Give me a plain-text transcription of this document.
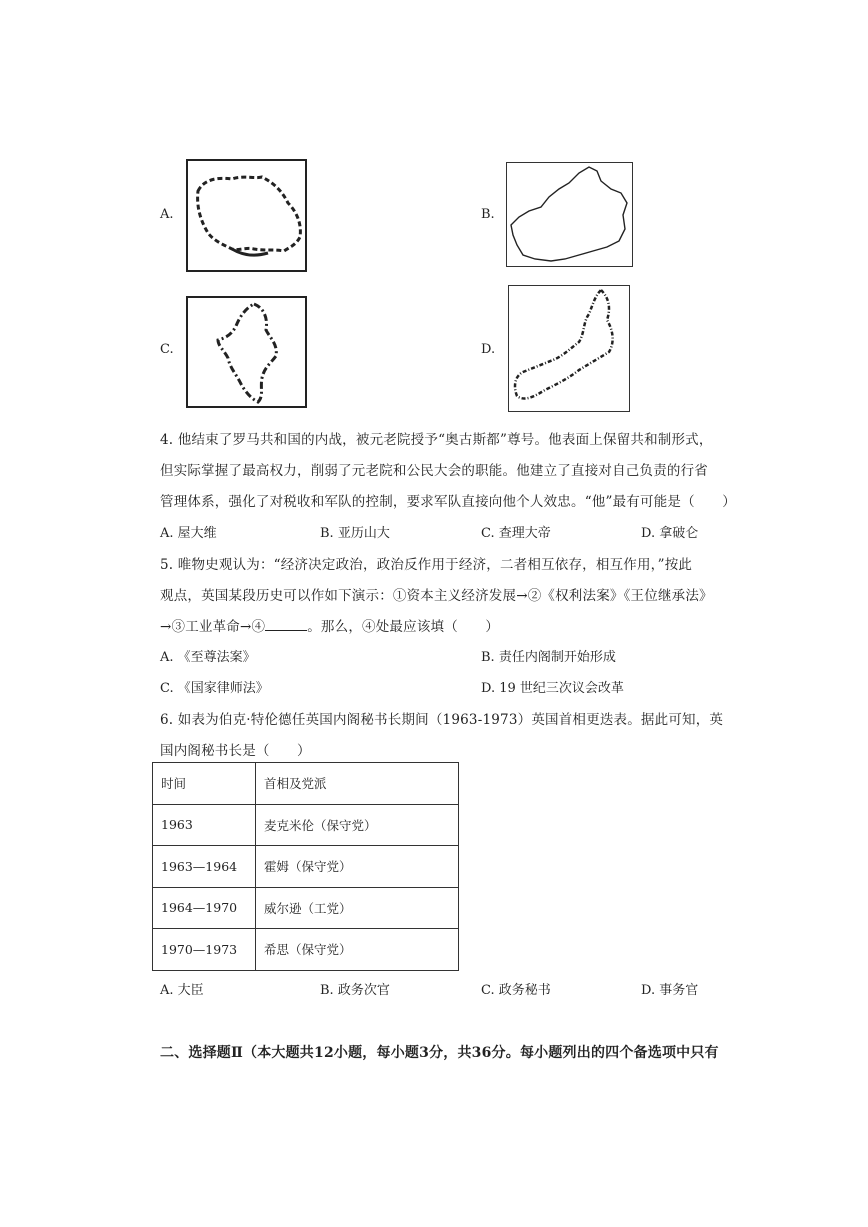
A.	B.
C.	D.
4. 他结束了罗马共和国的内战，被元老院授予“奥古斯都”尊号。他表面上保留共和制形式，
但实际掌握了最高权力，削弱了元老院和公民大会的职能。他建立了直接对自己负责的行省
管理体系，强化了对税收和军队的控制，要求军队直接向他个人效忠。“他”最有可能是（　　）
A. 屋大维	B. 亚历山大	C. 查理大帝	D. 拿破仑
5. 唯物史观认为：“经济决定政治，政治反作用于经济，二者相互依存，相互作用，”按此
观点，英国某段历史可以作如下演示：①资本主义经济发展→②《权利法案》《王位继承法》
→③工业革命→④	。那么，④处最应该填（　　）
A. 《至尊法案》	B. 责任内阁制开始形成
C. 《国家律师法》	D. 19 世纪三次议会改革
6. 如表为伯克·特伦德任英国内阁秘书长期间（1963-1973）英国首相更迭表。据此可知，英
国内阁秘书长是（　　）
时间	首相及党派
1963	麦克米伦（保守党）
1963—1964	霍姆（保守党）
1964—1970	威尔逊（工党）
1970—1973	希思（保守党）
A. 大臣	B. 政务次官	C. 政务秘书	D. 事务官
二、选择题Ⅱ（本大题共12小题，每小题3分，共36分。每小题列出的四个备选项中只有
